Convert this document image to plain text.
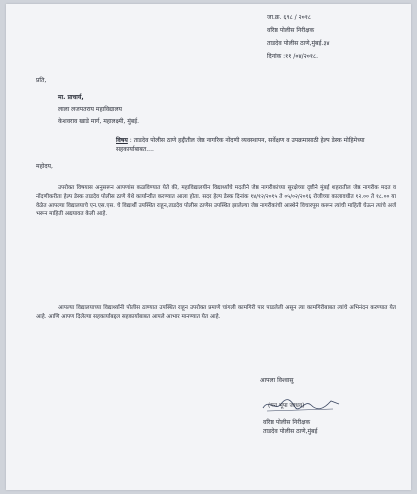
जा.क्र. ६९८ / २०१८
वरिष्ठ पोलीस निरीक्षक
ताडदेव पोलीस ठाणे,मुंबई.३४
दिनांक :११ /०४/२०१८.
प्रति,
मा. प्राचार्य,
लाला लजपतराय महाविद्यालय
केशवराव खाडे मार्ग, महालक्ष्मी, मुंबई.
विषय : ताडदेव पोलीस ठाणे हद्दीतील जेष्ठ नागरिक नोंदणी व्यवस्थापन, सर्वेक्षण व उपक्रमासाठी हेल्प डेस्क मोहिमेच्या सहकार्याबाबत....
महोदय,
उपरोक्त विषयास अनुसरून आपणांस कळविण्यात येते की, महाविद्यालयीन विद्यार्थ्यांचे मदतीने जेष्ठ नागरीकांच्या सुरक्षेच्या दृष्टीने मुंबई शहरातील जेष्ठ नागरीक मदत व नोंदणीकरीता हेल्प डेस्क ताडदेव पोलीस ठाणे येथे कार्यान्वीत करण्यात आला होता. सदर हेल्प डेस्क दिनांक १४/१२/२०१५ ते ०५/०२/२०१६ रोजीच्या कालावधीत १२.०० ते १८.०० या वेळेत आपल्या विद्यालयाचे एन.एस.एस. चे विद्यार्थी उपस्थित राहून,ताडदेव पोलीस ठाणेस उपस्थित झालेल्या जेष्ठ नागरीकांची आस्थेने विचारपूस करून त्यांची माहिती घेऊन त्यांचे अर्ज भरून माहिती अद्ययावत केली आहे.
आपल्या विद्यालयाच्या विद्यार्थ्यांनी पोलीस ठाण्यात उपस्थित राहून उपरोक्त प्रमाणे चांगली कामगिरी पार पाडलेली असून त्या कामगिरीबाबत त्यांचे अभिनंदन करण्यात येत आहे. आणि आपण दिलेल्या सहकार्याबद्दल सहकार्याबाबत आपले आभार मानण्यात येत आहे.
आपला विश्वासु
(मन भूपा जाधव)
वरिष्ठ पोलीस निरीक्षक
ताडदेव पोलीस ठाणे,मुंबई
